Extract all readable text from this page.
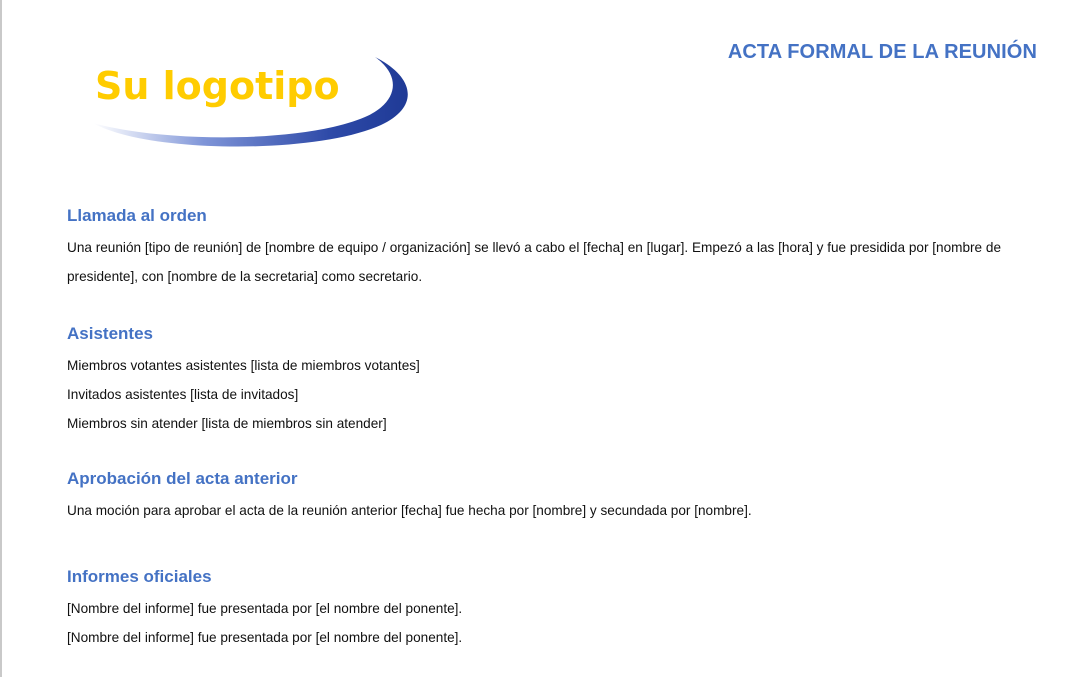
Su logotipo
ACTA FORMAL DE LA REUNIÓN
Llamada al orden

Una reunión [tipo de reunión] de [nombre de equipo / organización] se llevó a cabo el [fecha] en [lugar]. Empezó a las [hora] y fue presidida por [nombre de presidente], con [nombre de la secretaria] como secretario.

Asistentes
Miembros votantes asistentes [lista de miembros votantes]
Invitados asistentes [lista de invitados]
Miembros sin atender [lista de miembros sin atender]
Aprobación del acta anterior

Una moción para aprobar el acta de la reunión anterior [fecha] fue hecha por [nombre] y secundada por [nombre].

Informes oficiales
[Nombre del informe] fue presentada por [el nombre del ponente].
[Nombre del informe] fue presentada por [el nombre del ponente].
